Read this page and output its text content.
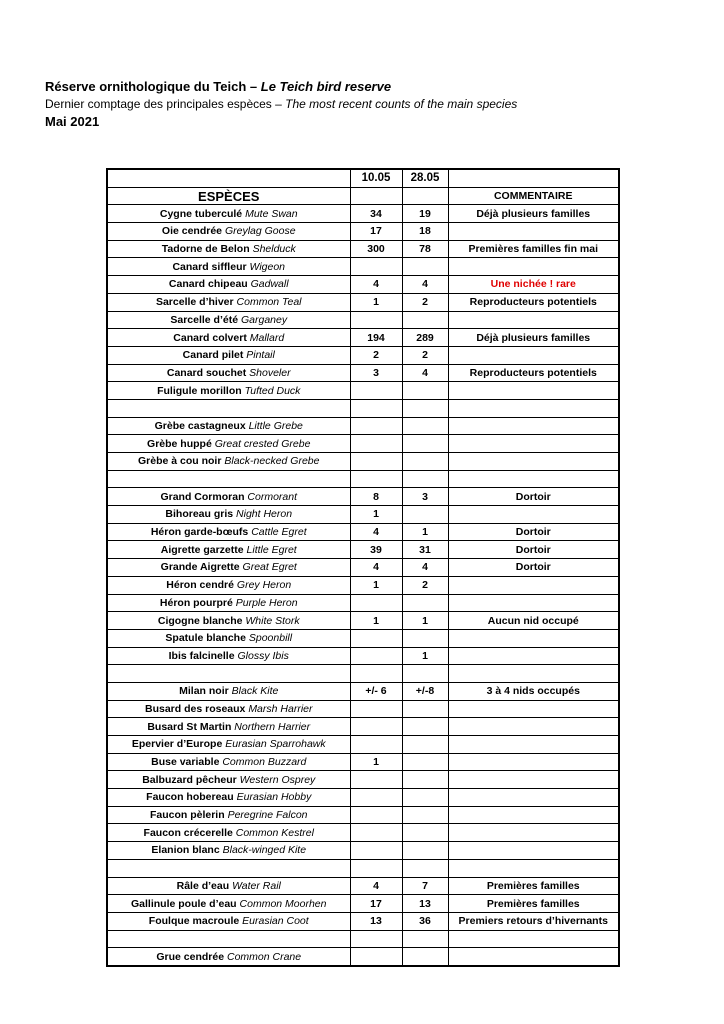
Réserve ornithologique du Teich – Le Teich bird reserve
Dernier comptage des principales espèces – The most recent counts of the main species
Mai 2021
	10.05	28.05	
ESPÈCES			COMMENTAIRE
Cygne tuberculé Mute Swan	34	19	Déjà plusieurs familles
Oie cendrée Greylag Goose	17	18	
Tadorne de Belon Shelduck	300	78	Premières familles fin mai
Canard siffleur Wigeon			
Canard chipeau Gadwall	4	4	Une nichée ! rare
Sarcelle d’hiver Common Teal	1	2	Reproducteurs potentiels
Sarcelle d’été Garganey			
Canard colvert Mallard	194	289	Déjà plusieurs familles
Canard pilet Pintail	2	2	
Canard souchet Shoveler	3	4	Reproducteurs potentiels
Fuligule morillon Tufted Duck			

Grèbe castagneux Little Grebe			
Grèbe huppé Great crested Grebe			
Grèbe à cou noir Black-necked Grebe			

Grand Cormoran Cormorant	8	3	Dortoir
Bihoreau gris Night Heron	1		
Héron garde-bœufs Cattle Egret	4	1	Dortoir
Aigrette garzette Little Egret	39	31	Dortoir
Grande Aigrette Great Egret	4	4	Dortoir
Héron cendré Grey Heron	1	2	
Héron pourpré Purple Heron			
Cigogne blanche White Stork	1	1	Aucun nid occupé
Spatule blanche Spoonbill			
Ibis falcinelle Glossy Ibis		1	

Milan noir Black Kite	+/- 6	+/-8	3 à 4 nids occupés
Busard des roseaux Marsh Harrier			
Busard St Martin Northern Harrier			
Epervier d’Europe Eurasian Sparrohawk			
Buse variable Common Buzzard	1		
Balbuzard pêcheur Western Osprey			
Faucon hobereau Eurasian Hobby			
Faucon pèlerin Peregrine Falcon			
Faucon crécerelle Common Kestrel			
Elanion blanc Black-winged Kite			

Râle d’eau Water Rail	4	7	Premières familles
Gallinule poule d’eau Common Moorhen	17	13	Premières familles
Foulque macroule Eurasian Coot	13	36	Premiers retours d’hivernants

Grue cendrée Common Crane			
